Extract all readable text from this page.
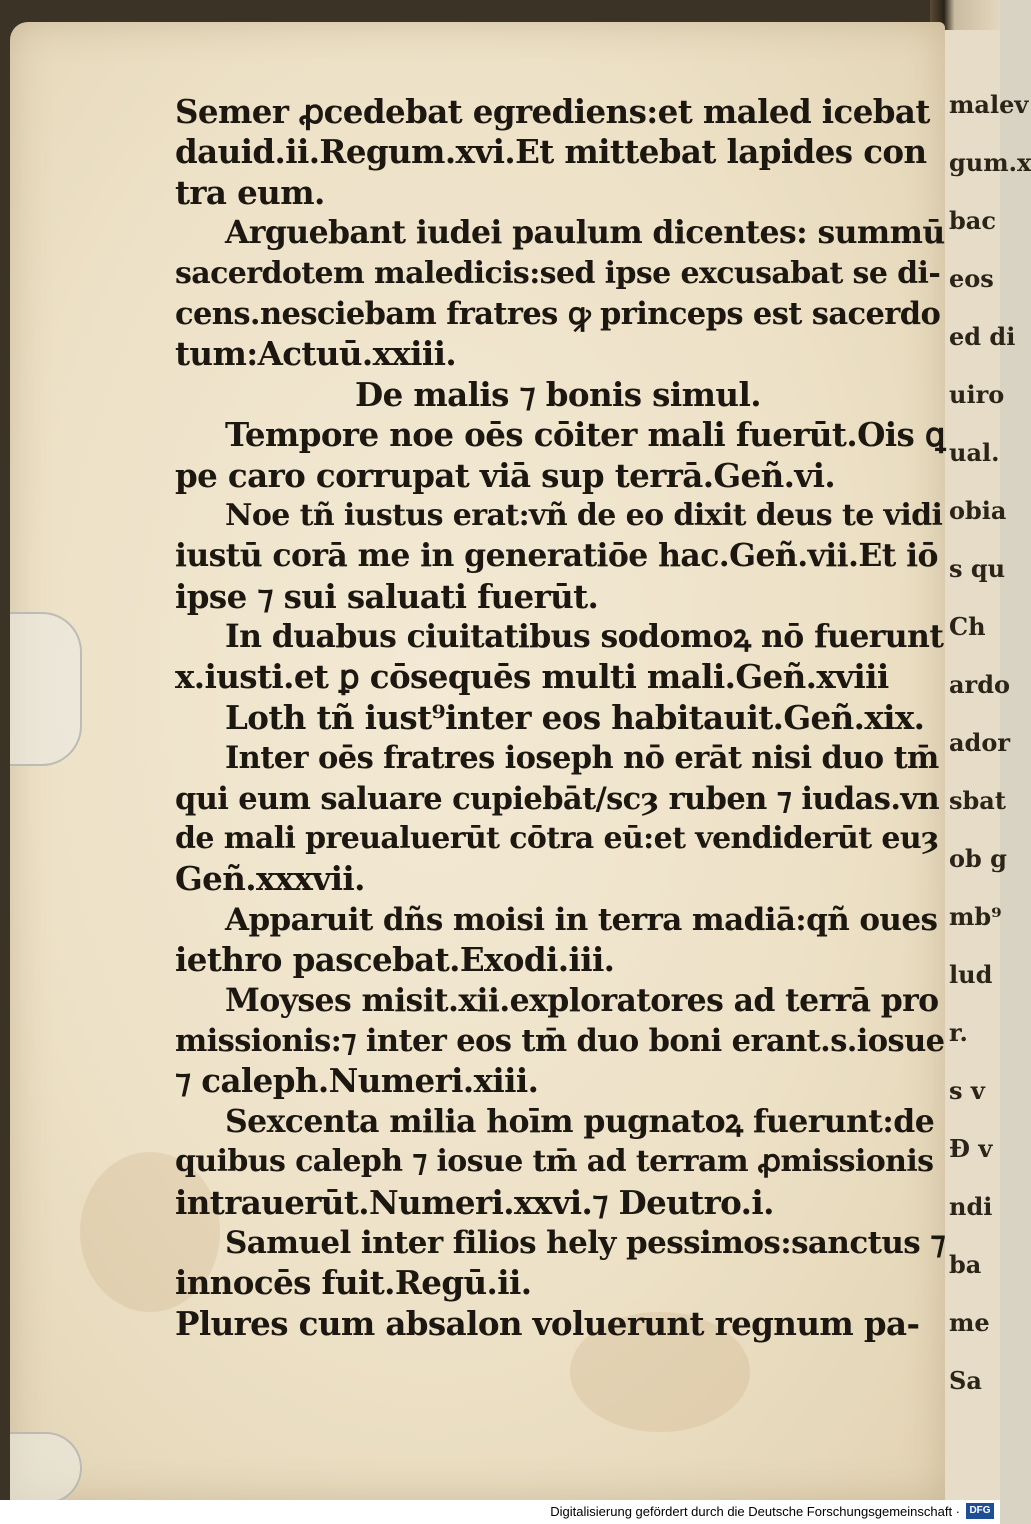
malev
gum.x
bac
eos
ed di
uiro
ual.
obia
s qu
Ch
ardo
ador
sbat
ob g
mb⁹
lud
r.
s v
Ð v
ndi
ba
me
Sa
Semer ꝓcedebat egrediens:et maled icebat
dauid.ii.Regum.xvi.Et mittebat lapides con
tra eum.
Arguebant iudei paulum dicentes: summū
sacerdotem maledicis:sed ipse excusabat se di-
cens.nesciebam fratres ꝙ princeps est sacerdo
tum:Actuū.xxiii.
De malis ⁊ bonis simul.
Tempore noe oēs cōiter mali fuerūt.Ois ꝗ
pe caro corrupat viā sup terrā.Geñ.vi.
Noe tñ iustus erat:vñ de eo dixit deus te vidi
iustū corā me in generatiōe hac.Geñ.vii.Et iō
ipse ⁊ sui saluati fuerūt.
In duabus ciuitatibus sodomoꝝ nō fuerunt
x.iusti.et ꝑ cōsequēs multi mali.Geñ.xviii
Loth tñ iust⁹inter eos habitauit.Geñ.xix.
Inter oēs fratres ioseph nō erāt nisi duo tm̄
qui eum saluare cupiebāt/scȝ ruben ⁊ iudas.vn
de mali preualuerūt cōtra eū:et vendiderūt euȝ
Geñ.xxxvii.
Apparuit dñs moisi in terra madiā:qñ oues
iethro pascebat.Exodi.iii.
Moyses misit.xii.exploratores ad terrā pro
missionis:⁊ inter eos tm̄ duo boni erant.s.iosue
⁊ caleph.Numeri.xiii.
Sexcenta milia hoīm pugnatoꝝ fuerunt:de
quibus caleph ⁊ iosue tm̄ ad terram ꝓmissionis
intrauerūt.Numeri.xxvi.⁊ Deutro.i.
Samuel inter filios hely pessimos:sanctus ⁊
innocēs fuit.Regū.ii.
Plures cum absalon voluerunt regnum pa-
Digitalisierung gefördert durch die Deutsche Forschungsgemeinschaft · DFG
